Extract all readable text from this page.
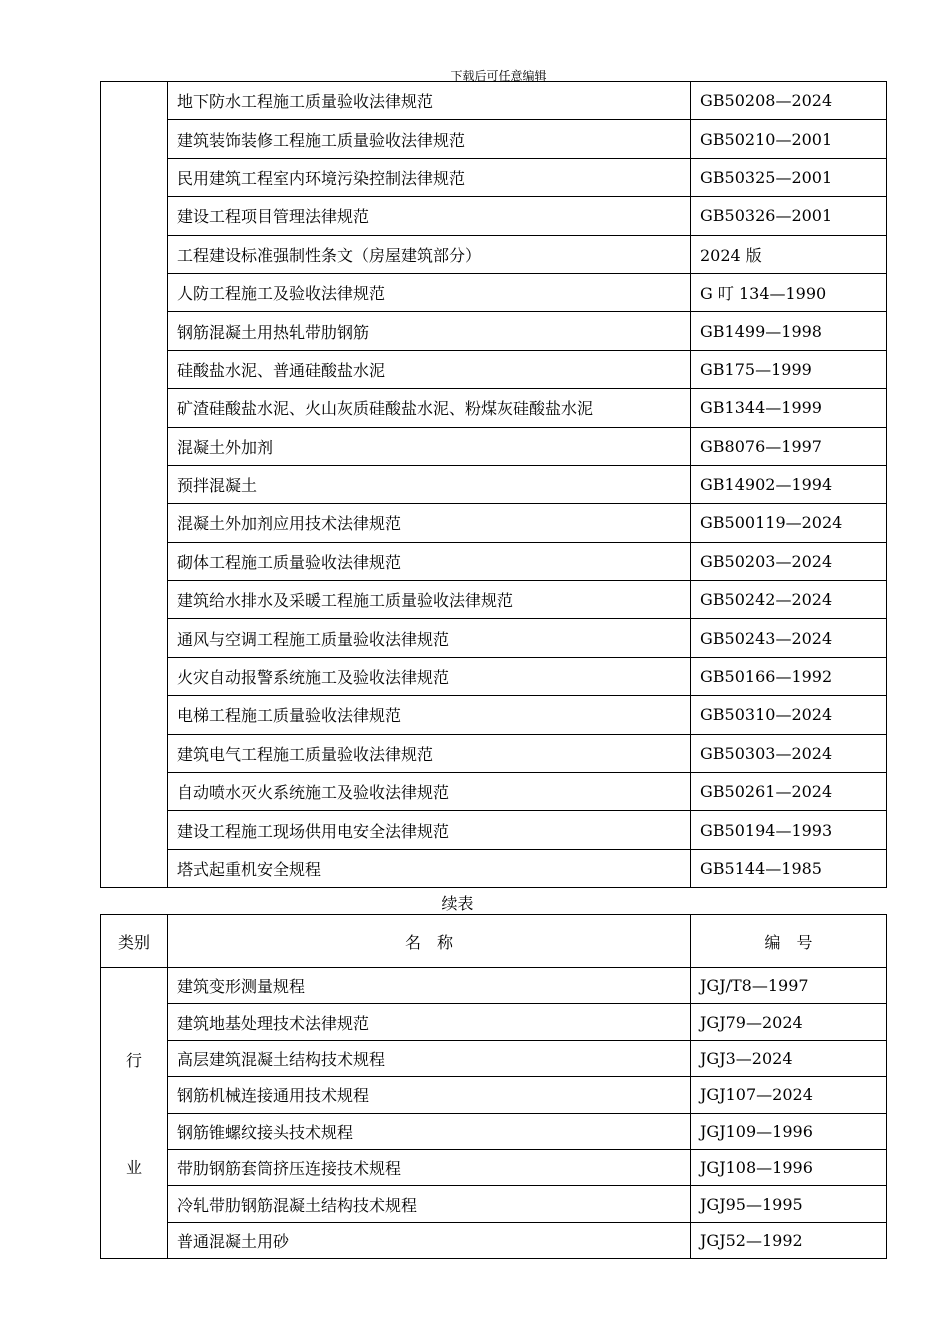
下载后可任意编辑
	地下防水工程施工质量验收法律规范	GB50208—2024
	建筑装饰装修工程施工质量验收法律规范	GB50210—2001
	民用建筑工程室内环境污染控制法律规范	GB50325—2001
	建设工程项目管理法律规范	GB50326—2001
	工程建设标准强制性条文（房屋建筑部分）	2024 版
	人防工程施工及验收法律规范	G 叮 134—1990
	钢筋混凝土用热轧带肋钢筋	GB1499—1998
	硅酸盐水泥、普通硅酸盐水泥	GB175—1999
	矿渣硅酸盐水泥、火山灰质硅酸盐水泥、粉煤灰硅酸盐水泥	GB1344—1999
	混凝土外加剂	GB8076—1997
	预拌混凝土	GB14902—1994
	混凝土外加剂应用技术法律规范	GB500119—2024
	砌体工程施工质量验收法律规范	GB50203—2024
	建筑给水排水及采暖工程施工质量验收法律规范	GB50242—2024
	通风与空调工程施工质量验收法律规范	GB50243—2024
	火灾自动报警系统施工及验收法律规范	GB50166—1992
	电梯工程施工质量验收法律规范	GB50310—2024
	建筑电气工程施工质量验收法律规范	GB50303—2024
	自动喷水灭火系统施工及验收法律规范	GB50261—2024
	建设工程施工现场供用电安全法律规范	GB50194—1993
	塔式起重机安全规程	GB5144—1985
续表
类别	名　称	编　号

行
业	建筑变形测量规程	JGJ/T8—1997
	建筑地基处理技术法律规范	JGJ79—2024
	高层建筑混凝土结构技术规程	JGJ3—2024
	钢筋机械连接通用技术规程	JGJ107—2024
	钢筋锥螺纹接头技术规程	JGJ109—1996
	带肋钢筋套筒挤压连接技术规程	JGJ108—1996
	冷轧带肋钢筋混凝土结构技术规程	JGJ95—1995
	普通混凝土用砂	JGJ52—1992
